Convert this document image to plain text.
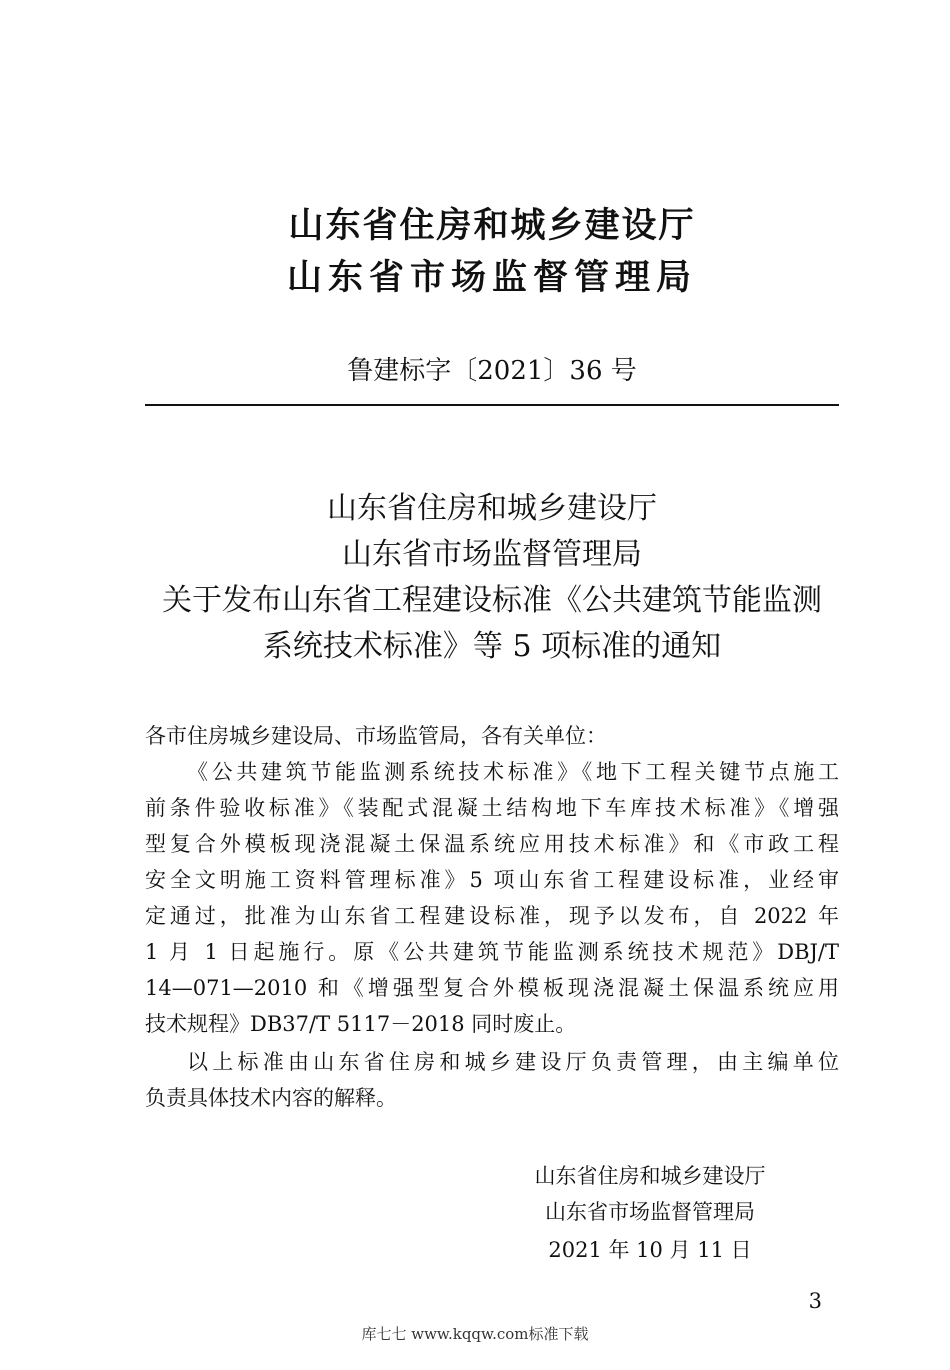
山东省住房和城乡建设厅
山东省市场监督管理局
鲁建标字〔2021〕36 号
山东省住房和城乡建设厅
山东省市场监督管理局
关于发布山东省工程建设标准《公共建筑节能监测
系统技术标准》等 5 项标准的通知
各市住房城乡建设局、市场监管局，各有关单位：
《公共建筑节能监测系统技术标准》《地下工程关键节点施工
前条件验收标准》《装配式混凝土结构地下车库技术标准》《增强
型复合外模板现浇混凝土保温系统应用技术标准》和《市政工程
安全文明施工资料管理标准》5 项山东省工程建设标准，业经审
定通过，批准为山东省工程建设标准，现予以发布，自 2022 年
1 月 1 日起施行。原《公共建筑节能监测系统技术规范》DBJ/T
14—071—2010 和《增强型复合外模板现浇混凝土保温系统应用
技术规程》DB37/T 5117－2018 同时废止。
以上标准由山东省住房和城乡建设厅负责管理，由主编单位
负责具体技术内容的解释。
山东省住房和城乡建设厅
山东省市场监督管理局
2021 年 10 月 11 日
3
库七七 www.kqqw.com标准下载
